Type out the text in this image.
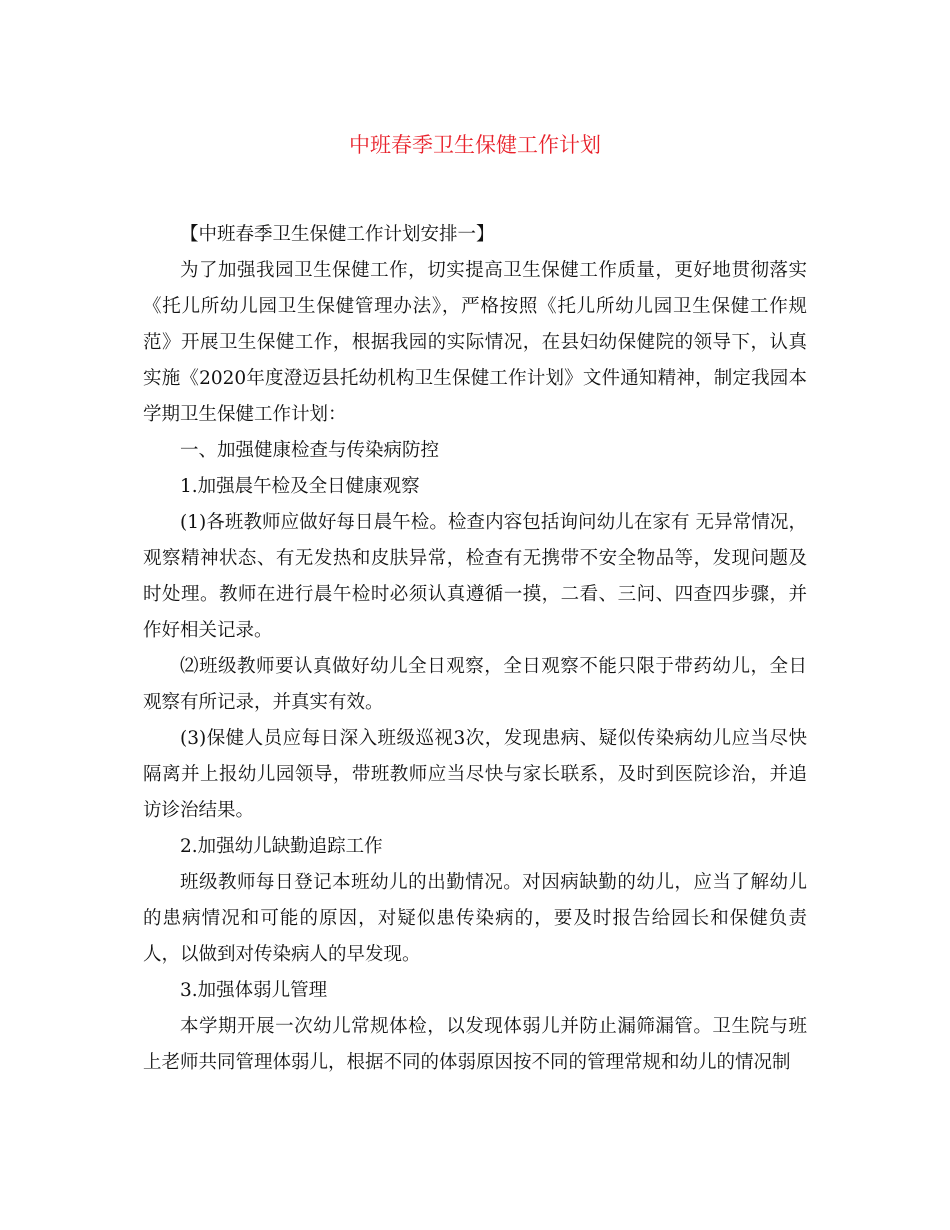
中班春季卫生保健工作计划

【中班春季卫生保健工作计划安排一】

为了加强我园卫生保健工作，切实提高卫生保健工作质量，更好地贯彻落实《托儿所幼儿园卫生保健管理办法》，严格按照《托儿所幼儿园卫生保健工作规范》开展卫生保健工作，根据我园的实际情况，在县妇幼保健院的领导下，认真实施《2020年度澄迈县托幼机构卫生保健工作计划》文件通知精神，制定我园本学期卫生保健工作计划：

一、加强健康检查与传染病防控

1.加强晨午检及全日健康观察

(1)各班教师应做好每日晨午检。检查内容包括询问幼儿在家有 无异常情况，观察精神状态、有无发热和皮肤异常，检查有无携带不安全物品等，发现问题及时处理。教师在进行晨午检时必须认真遵循一摸，二看、三问、四查四步骤，并作好相关记录。

⑵班级教师要认真做好幼儿全日观察，全日观察不能只限于带药幼儿，全日观察有所记录，并真实有效。

(3)保健人员应每日深入班级巡视3次，发现患病、疑似传染病幼儿应当尽快隔离并上报幼儿园领导，带班教师应当尽快与家长联系，及时到医院诊治，并追访诊治结果。

2.加强幼儿缺勤追踪工作

班级教师每日登记本班幼儿的出勤情况。对因病缺勤的幼儿，应当了解幼儿的患病情况和可能的原因，对疑似患传染病的，要及时报告给园长和保健负责人，以做到对传染病人的早发现。

3.加强体弱儿管理

本学期开展一次幼儿常规体检，以发现体弱儿并防止漏筛漏管。卫生院与班上老师共同管理体弱儿，根据不同的体弱原因按不同的管理常规和幼儿的情况制
